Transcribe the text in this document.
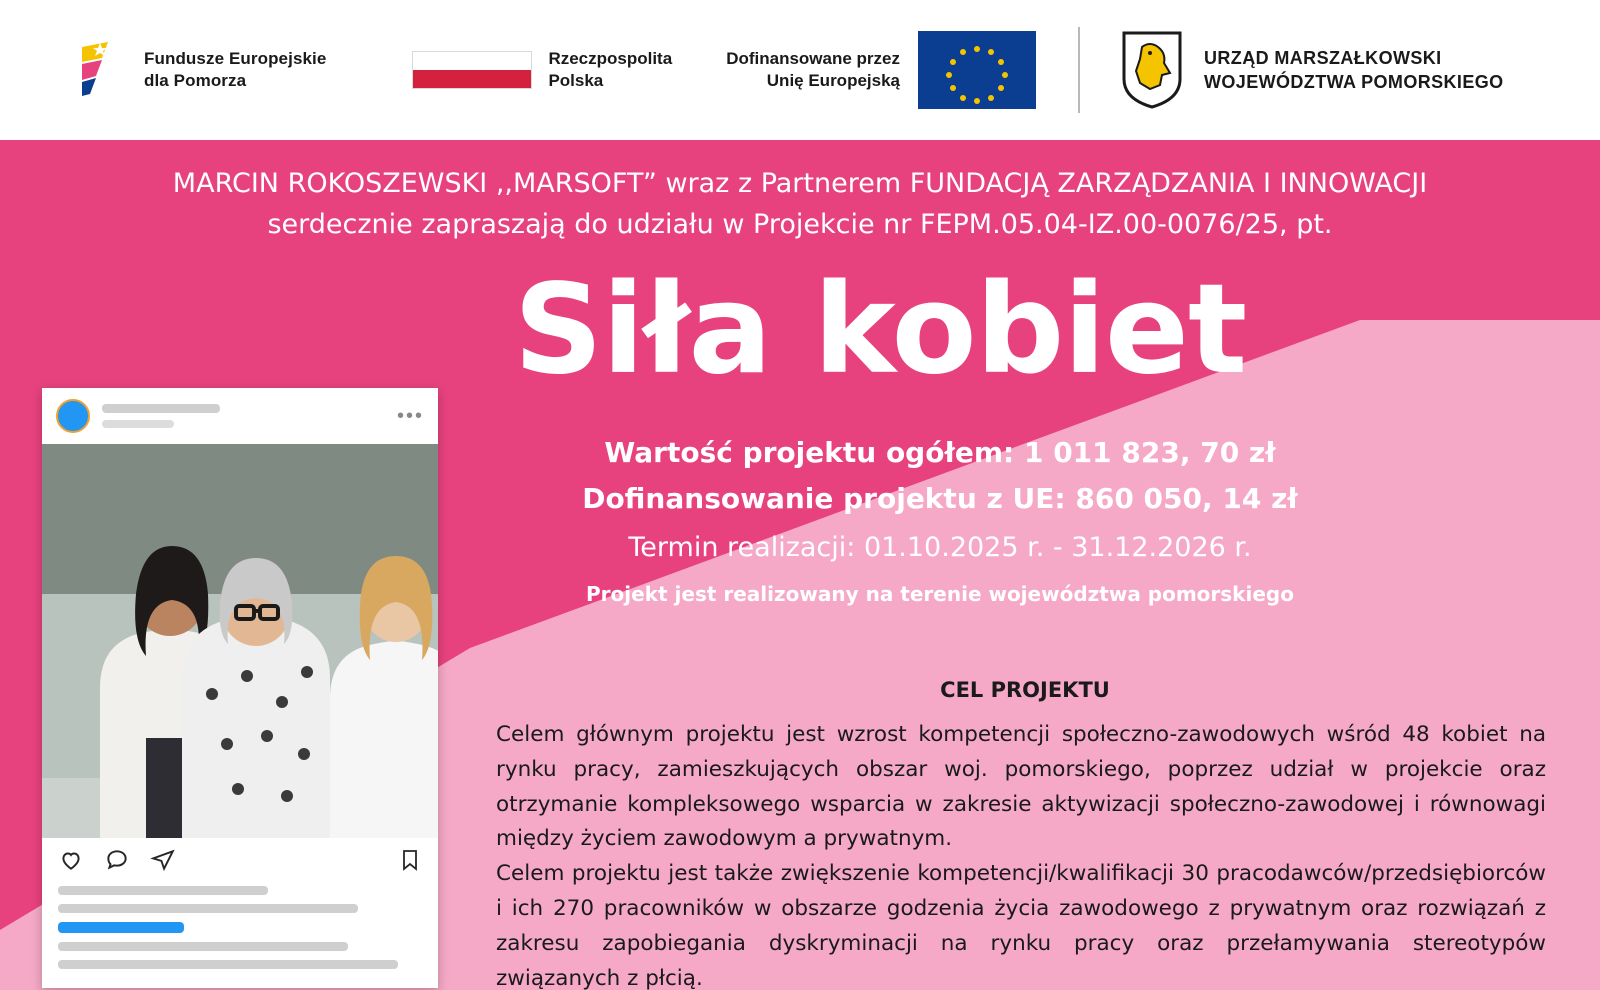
Fundusze Europejskie
dla Pomorza
Rzeczpospolita
Polska
Dofinansowane przez
Unię Europejską
URZĄD MARSZAŁKOWSKI
WOJEWÓDZTWA POMORSKIEGO
MARCIN ROKOSZEWSKI ,,MARSOFT” wraz z Partnerem FUNDACJĄ ZARZĄDZANIA I INNOWACJI
serdecznie zapraszają do udziału w Projekcie nr FEPM.05.04-IZ.00-0076/25, pt.
Siła kobiet
Wartość projektu ogółem: 1 011 823, 70 zł
Dofinansowanie projektu z UE: 860 050, 14 zł
Termin realizacji: 01.10.2025 r. - 31.12.2026 r.
Projekt jest realizowany na terenie województwa pomorskiego
CEL PROJEKTU

Celem głównym projektu jest wzrost kompetencji społeczno-zawodowych wśród 48 kobiet na rynku pracy, zamieszkujących obszar woj. pomorskiego, poprzez udział w projekcie oraz otrzymanie kompleksowego wsparcia w zakresie aktywizacji społeczno-zawodowej i równowagi między życiem zawodowym a prywatnym.

Celem projektu jest także zwiększenie kompetencji/kwalifikacji 30 pracodawców/przedsiębiorców i ich 270 pracowników w obszarze godzenia życia zawodowego z prywatnym oraz rozwiązań z zakresu zapobiegania dyskryminacji na rynku pracy oraz przełamywania stereotypów związanych z płcią.

•••
